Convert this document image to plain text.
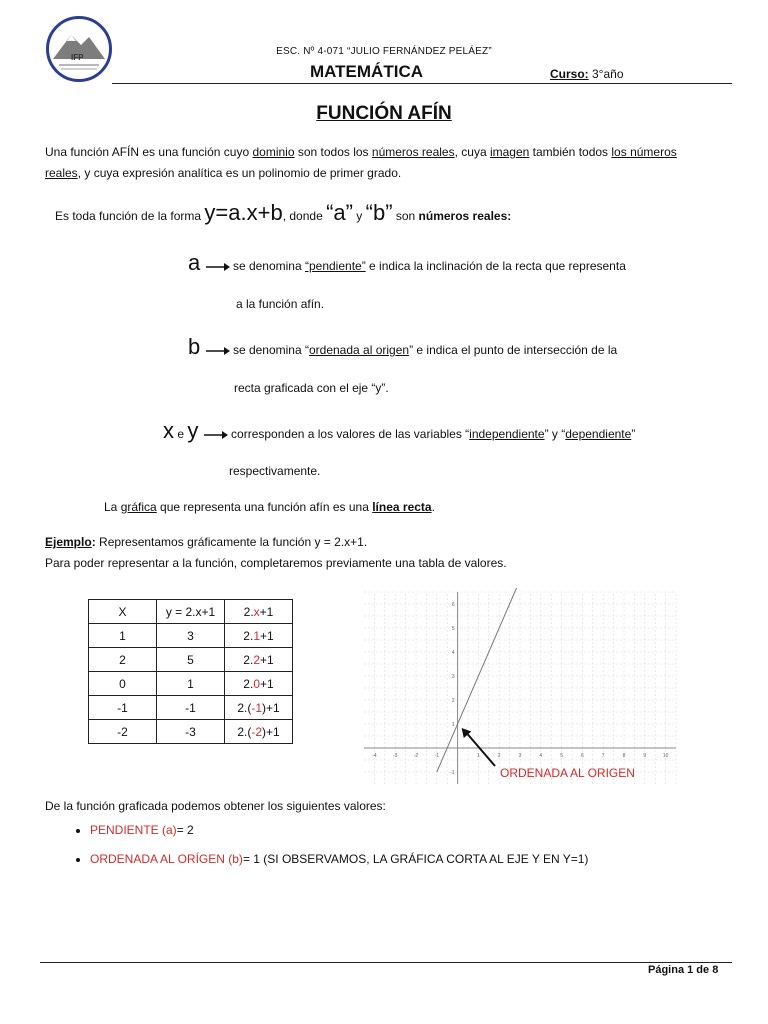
IFP
ESC. Nº 4-071 “JULIO FERNÁNDEZ PELÁEZ”
MATEMÁTICA	Curso: 3°año
FUNCIÓN AFÍN
Una función AFÍN es una función cuyo dominio son todos los números reales, cuya imagen también todos los números
reales, y cuya expresión analítica es un polinomio de primer grado.
Es toda función de la forma y=a.x+b, donde “a” y “b” son números reales:
a	se denomina “pendiente” e indica la inclinación de la recta que representa
a la función afín.
b	se denomina “ordenada al origen” e indica el punto de intersección de la
recta graficada con el eje “y”.
x e y	corresponden a los valores de las variables “independiente” y “dependiente”
respectivamente.
La gráfica que representa una función afín es una línea recta.
Ejemplo: Representamos gráficamente la función y = 2.x+1.
Para poder representar a la función, completaremos previamente una tabla de valores.
X	y = 2.x+1	2.x+1
1	3	2.1+1
2	5	2.2+1
0	1	2.0+1
-1	-1	2.(-1)+1
-2	-3	2.(-2)+1
-4	-3	-2	-1	1	2	3	4	5	6	7	8	9	10
6
5
4
3
2
1
-1	ORDENADA AL ORIGEN
De la función graficada podemos obtener los siguientes valores:
• PENDIENTE (a)= 2
• ORDENADA AL ORÍGEN (b)= 1 (SI OBSERVAMOS, LA GRÁFICA CORTA AL EJE Y EN Y=1)
Página 1 de 8
